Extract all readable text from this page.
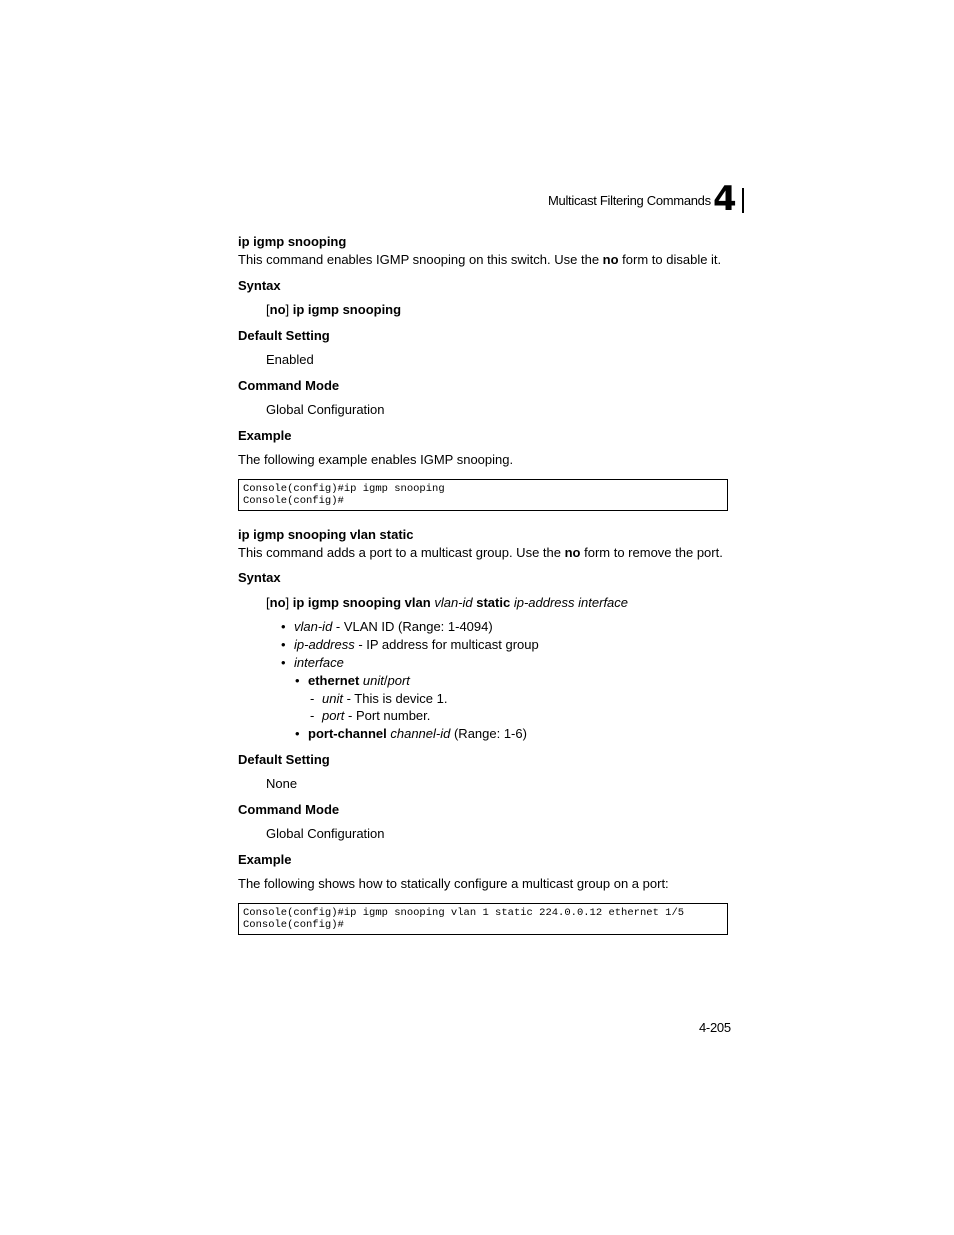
Multicast Filtering Commands 4
ip igmp snooping
This command enables IGMP snooping on this switch. Use the no form to disable it.
Syntax
[no] ip igmp snooping
Default Setting
Enabled
Command Mode
Global Configuration
Example
The following example enables IGMP snooping.
Console(config)#ip igmp snooping
Console(config)#
ip igmp snooping vlan static
This command adds a port to a multicast group. Use the no form to remove the port.
Syntax
[no] ip igmp snooping vlan vlan-id static ip-address interface
• vlan-id - VLAN ID (Range: 1-4094)
• ip-address - IP address for multicast group
• interface
• ethernet unit/port
- unit - This is device 1.
- port - Port number.
• port-channel channel-id (Range: 1-6)
Default Setting
None
Command Mode
Global Configuration
Example
The following shows how to statically configure a multicast group on a port:
Console(config)#ip igmp snooping vlan 1 static 224.0.0.12 ethernet 1/5
Console(config)#
4-205
